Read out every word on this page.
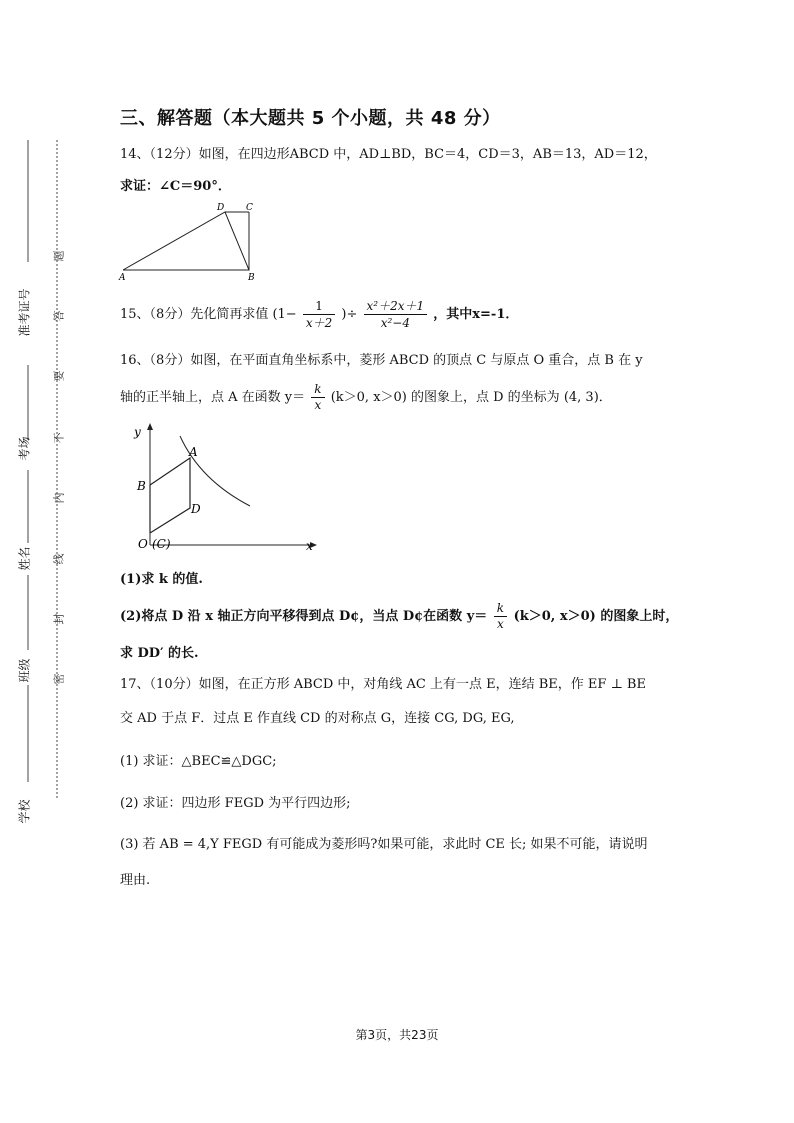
准考证号
考场
姓名
班级
学校
题
答
要
不
内
线
封
密
三、解答题（本大题共 5 个小题，共 48 分）
14、（12分）如图，在四边形ABCD 中，AD⊥BD，BC＝4，CD＝3，AB＝13，AD＝12，
求证：∠C＝90°．
D C
A	B
15、（8分）先化简再求值 ($1- \frac{1}{x+2}$ )÷ $\frac{\text{x²＋2x＋1}}{\text{x²−4}}$ ，其中x=-1．
16、（8分）如图，在平面直角坐标系中，菱形 ABCD 的顶点 C 与原点 O 重合，点 B 在 y
轴的正半轴上，点 A 在函数 $y= \frac{k}{x} (k>0$, x＞0) 的图象上，点 D 的坐标为 (4, 3)．
y
x
A
B
D
O (C)
(1)求 k 的值.
(2)将点 D 沿 x 轴正方向平移得到点 D¢，当点 D¢在函数 $y= \frac{k}{x} (k>0$, x＞0) 的图象上时，
求 DD′ 的长.
17、（10分）如图，在正方形 ABCD 中，对角线 AC 上有一点 E，连结 BE，作 EF ⊥ BE
交 AD 于点 F．过点 E 作直线 CD 的对称点 G，连接 CG, DG, EG,
(1) 求证：△BEC≌△DGC;
(2) 求证：四边形 FEGD 为平行四边形;
(3) 若 AB = 4,Y FEGD 有可能成为菱形吗?如果可能，求此时 CE 长; 如果不可能，请说明
理由.
第3页，共23页
